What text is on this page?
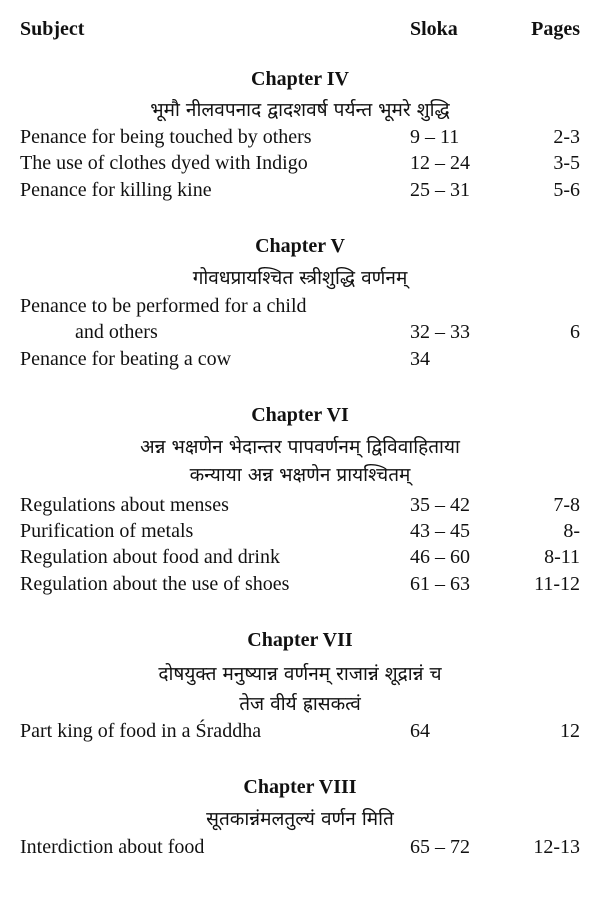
Subject	Sloka	Pages
Chapter IV
भूमौ नीलवपनाद द्वादशवर्ष पर्यन्त भूमरे शुद्धि
Penance for being touched by others	9 – 11	2-3
The use of clothes dyed with Indigo	12 – 24	3-5
Penance for killing kine	25 – 31	5-6
Chapter V
गोवधप्रायश्चित स्त्रीशुद्धि वर्णनम्
Penance to be performed for a child
and others	32 – 33	6
Penance for beating a cow	34
Chapter VI
अन्न भक्षणेन भेदान्तर पापवर्णनम् द्विविवाहिताया
कन्याया अन्न भक्षणेन प्रायश्चितम्
Regulations about menses	35 – 42	7-8
Purification of metals	43 – 45	8-
Regulation about food and drink	46 – 60	8-11
Regulation about the use of shoes	61 – 63	11-12
Chapter VII
दोषयुक्त मनुष्यान्न वर्णनम् राजान्नं शूद्रान्नं च
तेज वीर्य ह्रासकत्वं
Part king of food in a Śraddha	64	12
Chapter VIII
सूतकान्नंमलतुल्यं वर्णन मिति
Interdiction about food	65 – 72	12-13
